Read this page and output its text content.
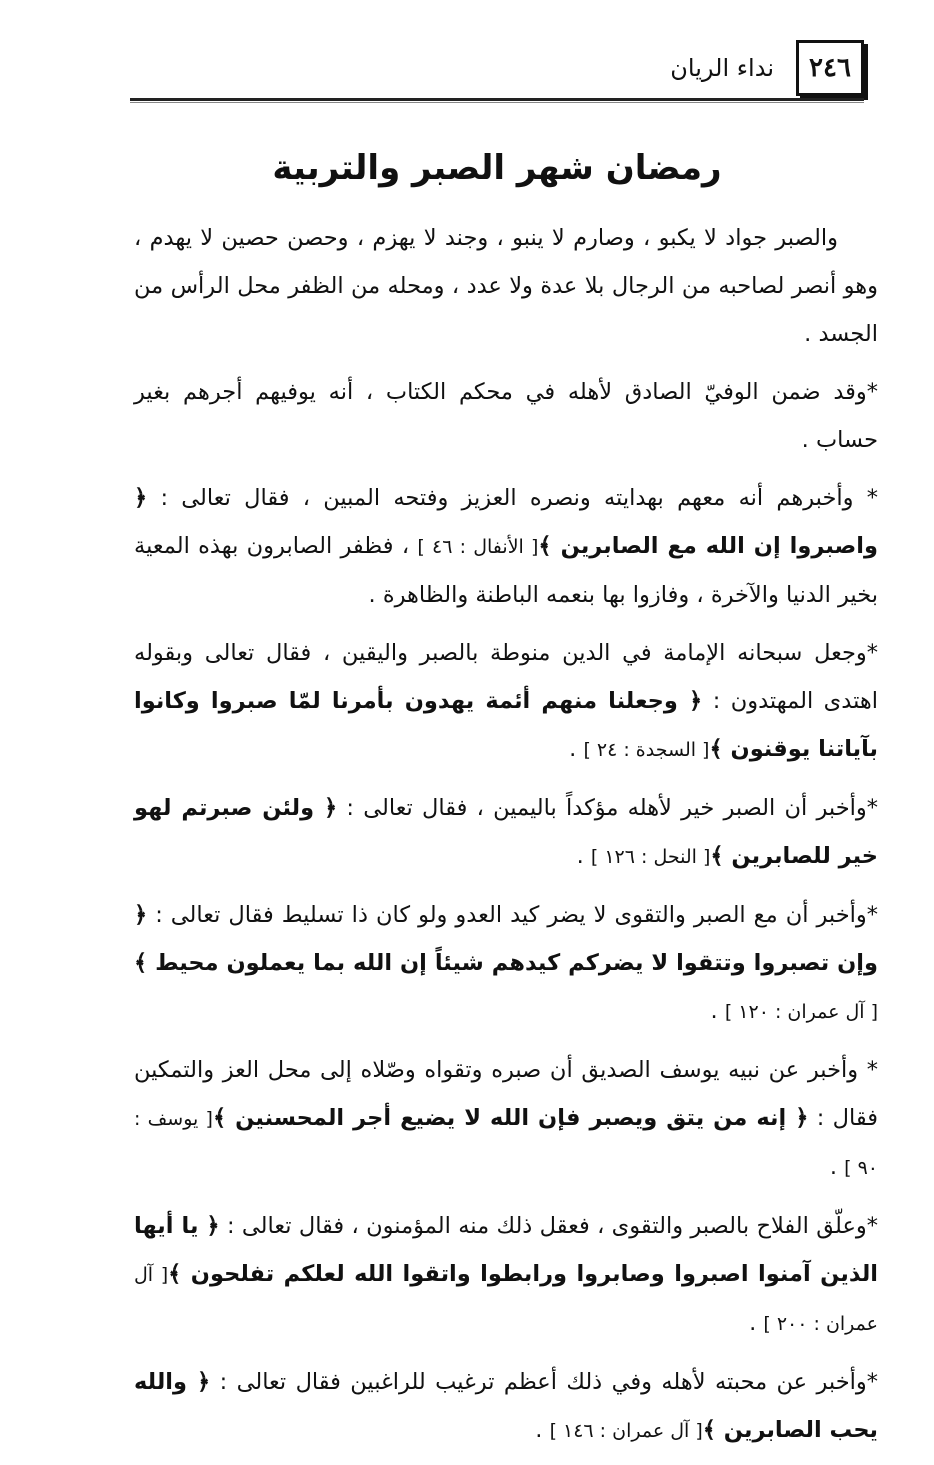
٢٤٦
نداء الريان
رمضان شهر الصبر والتربية

والصبر جواد لا يكبو ، وصارم لا ينبو ، وجند لا يهزم ، وحصن حصين لا يهدم ، وهو أنصر لصاحبه من الرجال بلا عدة ولا عدد ، ومحله من الظفر محل الرأس من الجسد .

*وقد ضمن الوفيّ الصادق لأهله في محكم الكتاب ، أنه يوفيهم أجرهم بغير حساب .

* وأخبرهم أنه معهم بهدايته ونصره العزيز وفتحه المبين ، فقال تعالى : ﴿ واصبروا إن الله مع الصابرين ﴾[ الأنفال : ٤٦ ] ، فظفر الصابرون بهذه المعية بخير الدنيا والآخرة ، وفازوا بها بنعمه الباطنة والظاهرة .

*وجعل سبحانه الإمامة في الدين منوطة بالصبر واليقين ، فقال تعالى وبقوله اهتدى المهتدون : ﴿ وجعلنا منهم أئمة يهدون بأمرنا لمّا صبروا وكانوا بآياتنا يوقنون ﴾[ السجدة : ٢٤ ] .

*وأخبر أن الصبر خير لأهله مؤكداً باليمين ، فقال تعالى : ﴿ ولئن صبرتم لهو خير للصابرين ﴾[ النحل : ١٢٦ ] .

*وأخبر أن مع الصبر والتقوى لا يضر كيد العدو ولو كان ذا تسليط فقال تعالى : ﴿ وإن تصبروا وتتقوا لا يضركم كيدهم شيئاً إن الله بما يعملون محيط ﴾[ آل عمران : ١٢٠ ] .

* وأخبر عن نبيه يوسف الصديق أن صبره وتقواه وصّلاه إلى محل العز والتمكين فقال : ﴿ إنه من يتق ويصبر فإن الله لا يضيع أجر المحسنين ﴾[ يوسف : ٩٠ ] .

*وعلّق الفلاح بالصبر والتقوى ، فعقل ذلك منه المؤمنون ، فقال تعالى : ﴿ يا أيها الذين آمنوا اصبروا وصابروا ورابطوا واتقوا الله لعلكم تفلحون ﴾[ آل عمران : ٢٠٠ ] .

*وأخبر عن محبته لأهله وفي ذلك أعظم ترغيب للراغبين فقال تعالى : ﴿ والله يحب الصابرين ﴾[ آل عمران : ١٤٦ ] .
